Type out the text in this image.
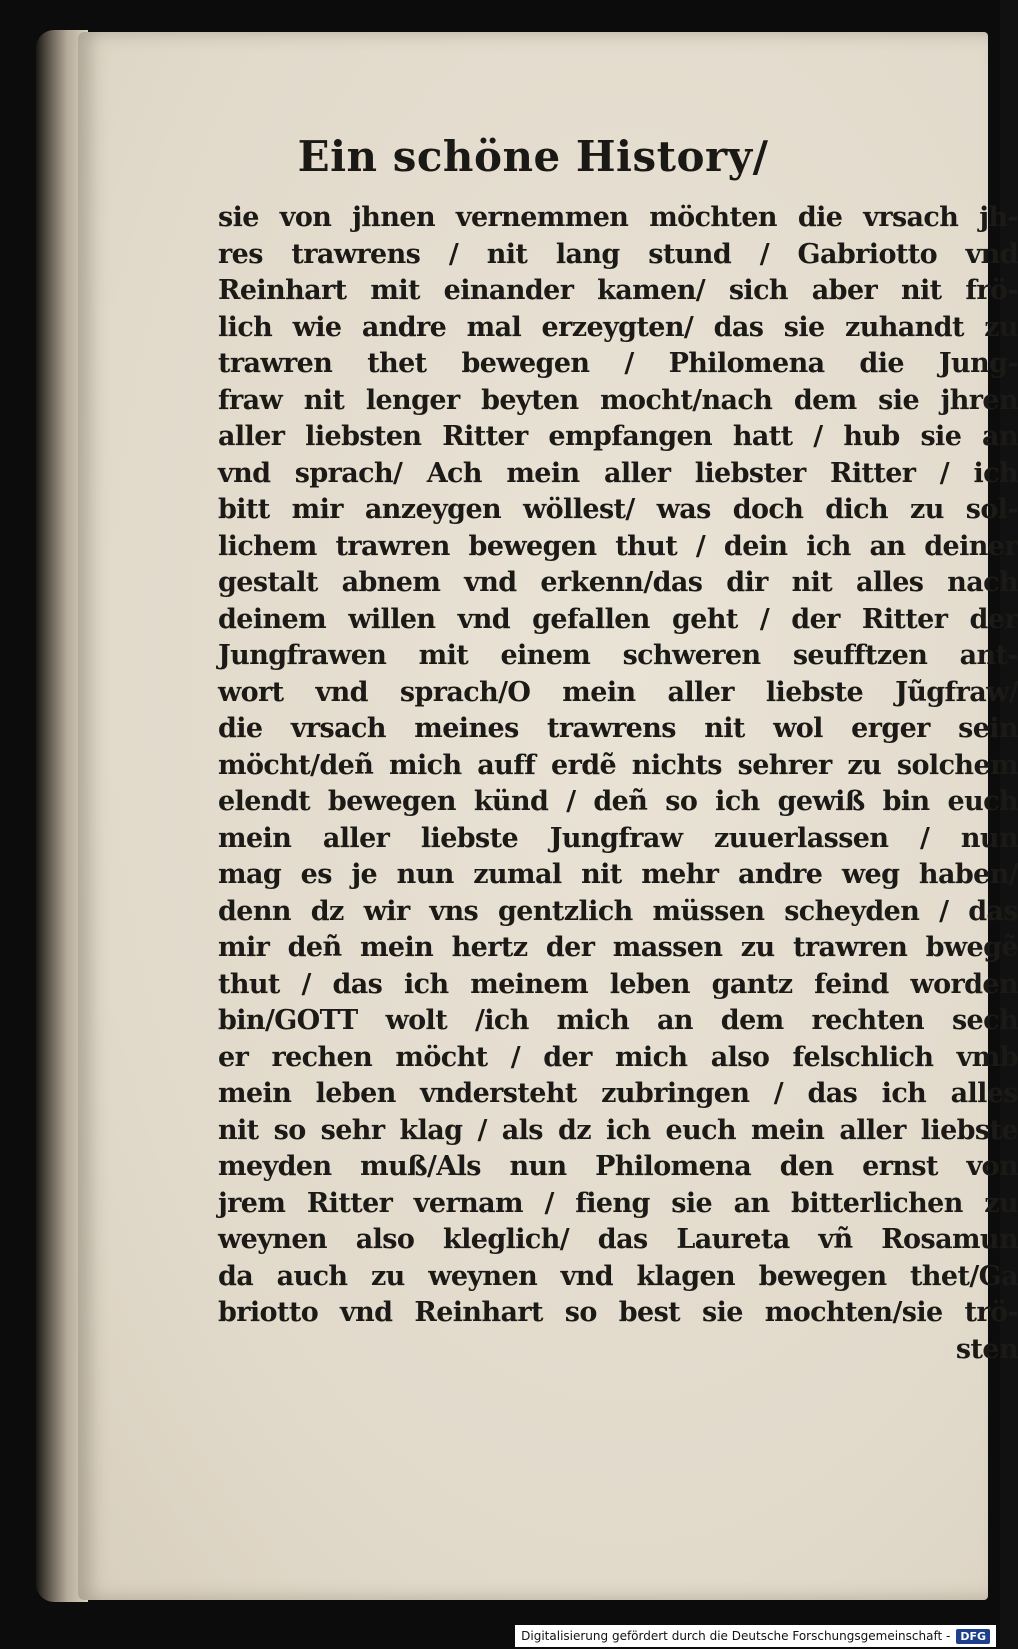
Ein schöne History/
sie von jhnen vernemmen möchten die vrsach jh-
res trawrens / nit lang stund / Gabriotto vnd
Reinhart mit einander kamen/ sich aber nit frö-
lich wie andre mal erzeygten/ das sie zuhandt zu
trawren thet bewegen / Philomena die Jung-
fraw nit lenger beyten mocht/nach dem sie jhren
aller liebsten Ritter empfangen hatt / hub sie an
vnd sprach/ Ach mein aller liebster Ritter / ich
bitt mir anzeygen wöllest/ was doch dich zu sol-
lichem trawren bewegen thut / dein ich an deiner
gestalt abnem vnd erkenn/das dir nit alles nach
deinem willen vnd gefallen geht / der Ritter der
Jungfrawen mit einem schweren seufftzen ant-
wort vnd sprach/O mein aller liebste Jũgfraw/
die vrsach meines trawrens nit wol erger sein
möcht/deñ mich auff erdẽ nichts sehrer zu solchem
elendt bewegen künd / deñ so ich gewiß bin euch
mein aller liebste Jungfraw zuuerlassen / nun
mag es je nun zumal nit mehr andre weg haben/
denn dz wir vns gentzlich müssen scheyden / das
mir deñ mein hertz der massen zu trawren bwegẽ
thut / das ich meinem leben gantz feind worden
bin/GOTT wolt /ich mich an dem rechten sech
er rechen möcht / der mich also felschlich vmb
mein leben vndersteht zubringen / das ich alles
nit so sehr klag / als dz ich euch mein aller liebste
meyden muß/Als nun Philomena den ernst von
jrem Ritter vernam / fieng sie an bitterlichen zu
weynen also kleglich/ das Laureta vñ Rosamun
da auch zu weynen vnd klagen bewegen thet/Ga
briotto vnd Reinhart so best sie mochten/sie trö-
sten
Digitalisierung gefördert durch die Deutsche Forschungsgemeinschaft - DFG
